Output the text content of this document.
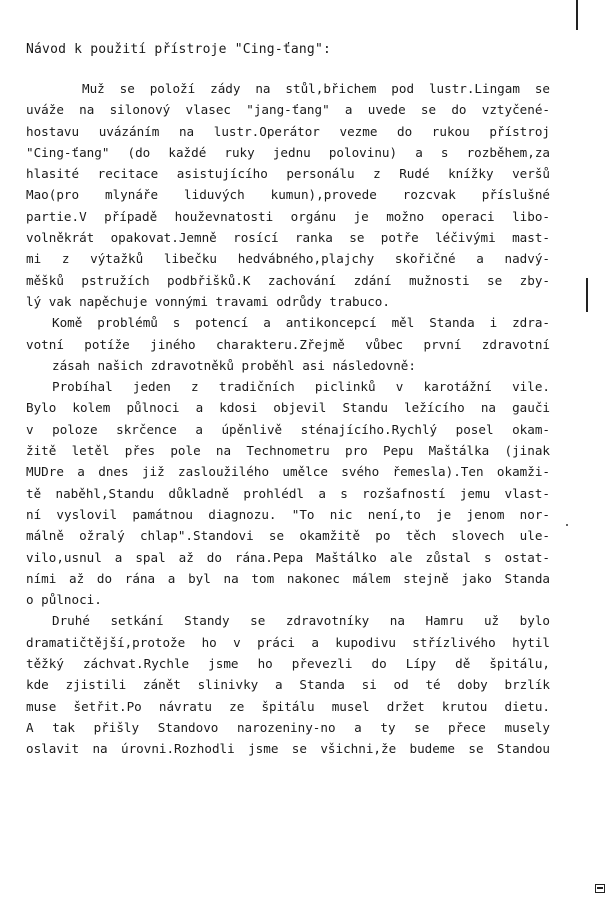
Návod k použití přístroje "Cing-ťang":
Muž se položí zády na stůl,břichem pod lustr.Lingam se
uváže na silonový vlasec "jang-ťang" a uvede se do vztyčené-
hostavu uvázáním na lustr.Operátor vezme do rukou přístroj
"Cing-ťang" (do každé ruky jednu polovinu) a s rozběhem,za
hlasité recitace asistujícího personálu z Rudé knížky veršů
Mao(pro mlynáře liduvých kumun),provede rozcvak příslušné
partie.V případě houževnatosti orgánu je možno operaci libo-
volněkrát opakovat.Jemně rosící ranka se potře léčivými mast-
mi z výtažků libečku hedvábného,plajchy skořičné a nadvý-
měšků pstružích podbřišků.K zachování zdání mužnosti se zby-
lý vak napěchuje vonnými travami odrůdy trabuco.
Komě problémů s potencí a antikoncepcí měl Standa i zdra-
votní potíže jiného charakteru.Zřejmě vůbec první zdravotní
zásah našich zdravotněků proběhl asi následovně:
Probíhal jeden z tradičních piclinků v karotážní vile.
Bylo kolem půlnoci a kdosi objevil Standu ležícího na gauči
v poloze skrčence a úpěnlivě sténajícího.Rychlý posel okam-
žitě letěl přes pole na Technometru pro Pepu Maštálka (jinak
MUDre a dnes již zasloužilého umělce svého řemesla).Ten okamži-
tě naběhl,Standu důkladně prohlédl a s rozšafností jemu vlast-
ní vyslovil památnou diagnozu. "To nic není,to je jenom nor-
málně ožralý chlap".Standovi se okamžitě po těch slovech ule-
vilo,usnul a spal až do rána.Pepa Maštálko ale zůstal s ostat-
ními až do rána a byl na tom nakonec málem stejně jako Standa
o půlnoci.
Druhé setkání Standy se zdravotníky na Hamru už bylo
dramatičtější,protože ho v práci a kupodivu střízlivého hytil
těžký záchvat.Rychle jsme ho převezli do Lípy dě špitálu,
kde zjistili zánět slinivky a Standa si od té doby brzlík
muse šetřit.Po návratu ze špitálu musel držet krutou dietu.
A tak přišly Standovo narozeniny-no a ty se přece musely
oslavit na úrovni.Rozhodli jsme se všichni,že budeme se Standou
